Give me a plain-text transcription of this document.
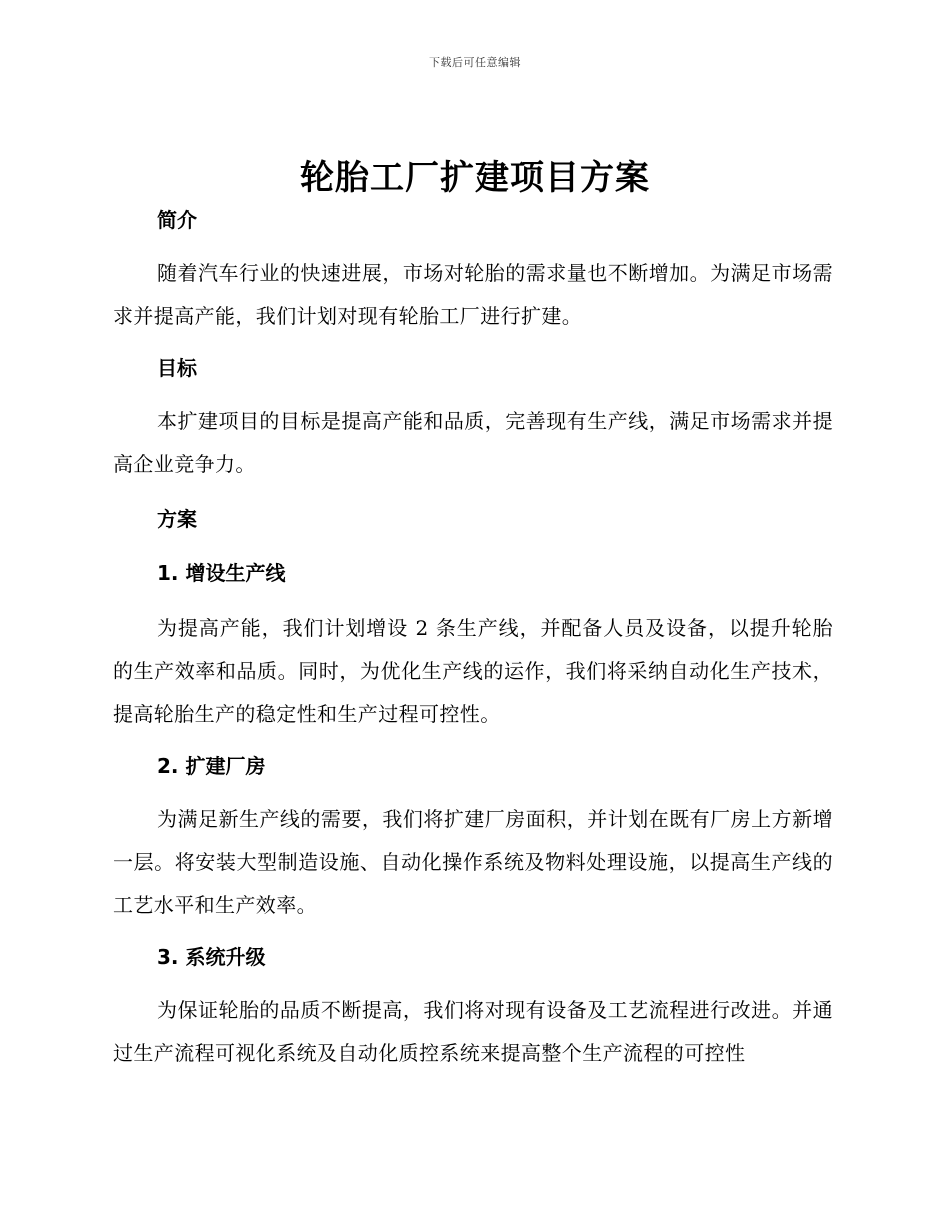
下载后可任意编辑
轮胎工厂扩建项目方案
简介

随着汽车行业的快速进展，市场对轮胎的需求量也不断增加。为满足市场需求并提高产能，我们计划对现有轮胎工厂进行扩建。

目标

本扩建项目的目标是提高产能和品质，完善现有生产线，满足市场需求并提高企业竞争力。

方案
1. 增设生产线

为提高产能，我们计划增设 2 条生产线，并配备人员及设备，以提升轮胎的生产效率和品质。同时，为优化生产线的运作，我们将采纳自动化生产技术，提高轮胎生产的稳定性和生产过程可控性。

2. 扩建厂房

为满足新生产线的需要，我们将扩建厂房面积，并计划在既有厂房上方新增一层。将安装大型制造设施、自动化操作系统及物料处理设施，以提高生产线的工艺水平和生产效率。

3. 系统升级

为保证轮胎的品质不断提高，我们将对现有设备及工艺流程进行改进。并通过生产流程可视化系统及自动化质控系统来提高整个生产流程的可控性
